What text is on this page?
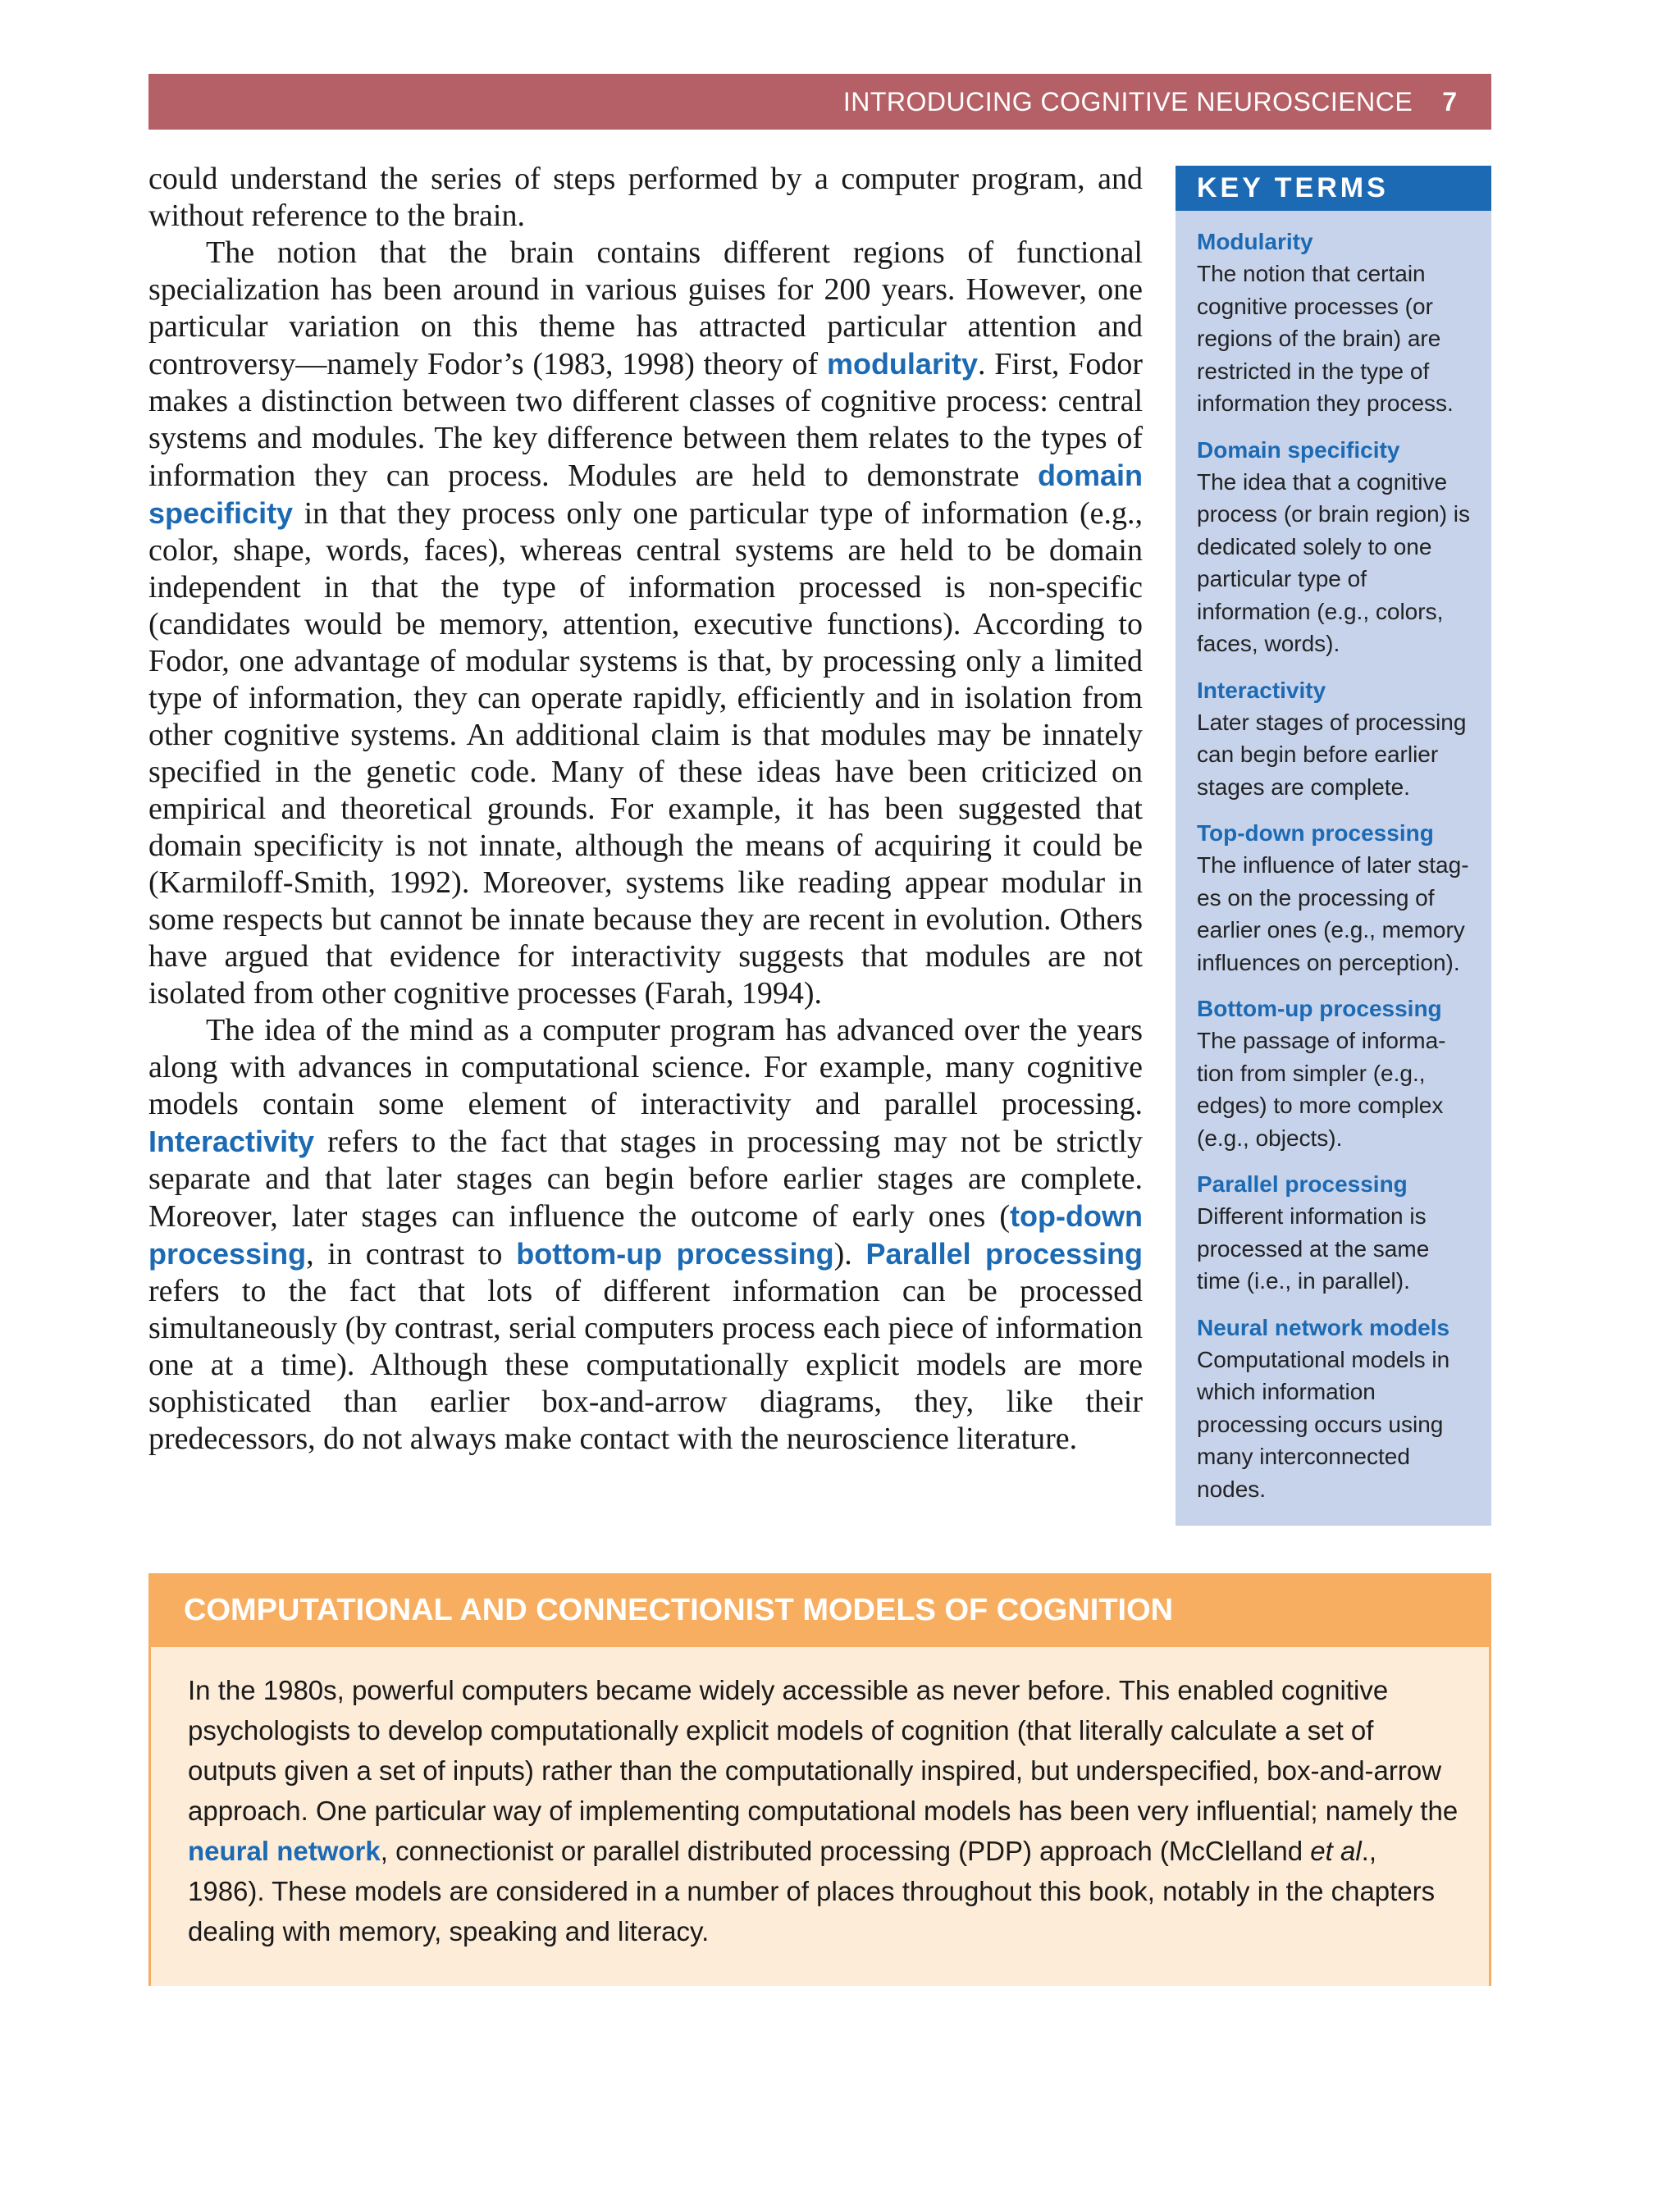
INTRODUCING COGNITIVE NEUROSCIENCE 7

could understand the series of steps performed by a computer program, and without reference to the brain.

The notion that the brain contains different regions of functional specialization has been around in various guises for 200 years. However, one particular variation on this theme has attracted particular attention and controversy—namely Fodor’s (1983, 1998) theory of modularity. First, Fodor makes a distinction between two different classes of cognitive process: central systems and modules. The key difference between them relates to the types of information they can process. Modules are held to demonstrate domain specificity in that they process only one particular type of information (e.g., color, shape, words, faces), whereas central systems are held to be domain independent in that the type of information processed is non-specific (candidates would be memory, attention, executive functions). According to Fodor, one advantage of modular systems is that, by processing only a limited type of information, they can operate rapidly, efficiently and in isolation from other cognitive systems. An additional claim is that modules may be innately specified in the genetic code. Many of these ideas have been criticized on empirical and theoretical grounds. For example, it has been suggested that domain specificity is not innate, although the means of acquiring it could be (Karmiloff-Smith, 1992). Moreover, systems like reading appear modular in some respects but cannot be innate because they are recent in evolution. Others have argued that evidence for interactivity suggests that modules are not isolated from other cognitive processes (Farah, 1994).

The idea of the mind as a computer program has advanced over the years along with advances in computational science. For example, many cognitive models contain some element of interactivity and parallel processing. Interactivity refers to the fact that stages in processing may not be strictly separate and that later stages can begin before earlier stages are complete. Moreover, later stages can influence the outcome of early ones (top-down processing, in contrast to bottom-up processing). Parallel processing refers to the fact that lots of different information can be processed simultaneously (by contrast, serial computers process each piece of information one at a time). Although these computationally explicit models are more sophisticated than earlier box-and-arrow diagrams, they, like their predecessors, do not always make contact with the neuroscience literature.

KEY TERMS
Modularity
The notion that certain cognitive processes (or regions of the brain) are restricted in the type of information they process.
Domain specificity
The idea that a cognitive process (or brain region) is dedicated solely to one particular type of information (e.g., colors, faces, words).
Interactivity
Later stages of processing can begin before earlier stages are complete.
Top-down processing
The influence of later stag-es on the processing of earlier ones (e.g., memory influences on perception).
Bottom-up processing
The passage of informa-tion from simpler (e.g., edges) to more complex (e.g., objects).
Parallel processing
Different information is processed at the same time (i.e., in parallel).
Neural network models
Computational models in which information processing occurs using many interconnected nodes.
COMPUTATIONAL AND CONNECTIONIST MODELS OF COGNITION
In the 1980s, powerful computers became widely accessible as never before. This enabled cognitive psychologists to develop computationally explicit models of cognition (that literally calculate a set of outputs given a set of inputs) rather than the computationally inspired, but underspecified, box-and-arrow approach. One particular way of implementing computational models has been very influential; namely the neural network, connectionist or parallel distributed processing (PDP) approach (McClelland et al., 1986). These models are considered in a number of places throughout this book, notably in the chapters dealing with memory, speaking and literacy.
